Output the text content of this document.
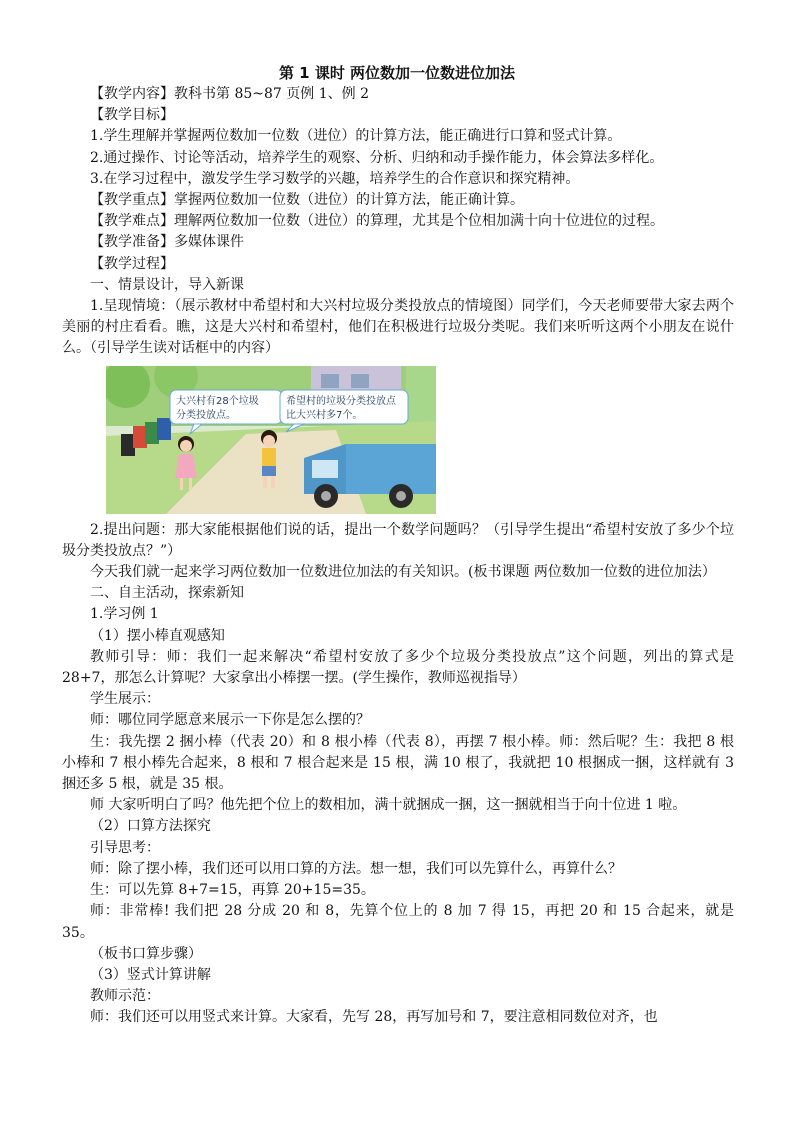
第 1 课时 两位数加一位数进位加法

【教学内容】教科书第 85~87 页例 1、例 2

【教学目标】

1.学生理解并掌握两位数加一位数（进位）的计算方法，能正确进行口算和竖式计算。

2.通过操作、讨论等活动，培养学生的观察、分析、归纳和动手操作能力，体会算法多样化。

3.在学习过程中，激发学生学习数学的兴趣，培养学生的合作意识和探究精神。

【教学重点】掌握两位数加一位数（进位）的计算方法，能正确计算。

【教学难点】理解两位数加一位数（进位）的算理，尤其是个位相加满十向十位进位的过程。

【教学准备】多媒体课件

【教学过程】

一、情景设计，导入新课

1.呈现情境：（展示教材中希望村和大兴村垃圾分类投放点的情境图）同学们，今天老师要带大家去两个美丽的村庄看看。瞧，这是大兴村和希望村，他们在积极进行垃圾分类呢。我们来听听这两个小朋友在说什么。（引导学生读对话框中的内容）

大兴村有28个垃圾
分类投放点。
希望村的垃圾分类投放点
比大兴村多7个。

2.提出问题：那大家能根据他们说的话，提出一个数学问题吗？（引导学生提出“希望村安放了多少个垃圾分类投放点？”）

今天我们就一起来学习两位数加一位数进位加法的有关知识。(板书课题 两位数加一位数的进位加法）

二、自主活动，探索新知

1.学习例 1

（1）摆小棒直观感知

教师引导：师：我们一起来解决“希望村安放了多少个垃圾分类投放点”这个问题，列出的算式是 28+7，那怎么计算呢？大家拿出小棒摆一摆。(学生操作，教师巡视指导）

学生展示：

师：哪位同学愿意来展示一下你是怎么摆的？

生：我先摆 2 捆小棒（代表 20）和 8 根小棒（代表 8），再摆 7 根小棒。师：然后呢？生：我把 8 根小棒和 7 根小棒先合起来，8 根和 7 根合起来是 15 根，满 10 根了，我就把 10 根捆成一捆，这样就有 3 捆还多 5 根，就是 35 根。

师 大家听明白了吗？他先把个位上的数相加，满十就捆成一捆，这一捆就相当于向十位进 1 啦。

（2）口算方法探究

引导思考：

师：除了摆小棒，我们还可以用口算的方法。想一想，我们可以先算什么，再算什么？

生：可以先算 8+7=15，再算 20+15=35。

师：非常棒! 我们把 28 分成 20 和 8，先算个位上的 8 加 7 得 15，再把 20 和 15 合起来，就是 35。

（板书口算步骤）

（3）竖式计算讲解

教师示范：

师：我们还可以用竖式来计算。大家看，先写 28，再写加号和 7，要注意相同数位对齐，也
